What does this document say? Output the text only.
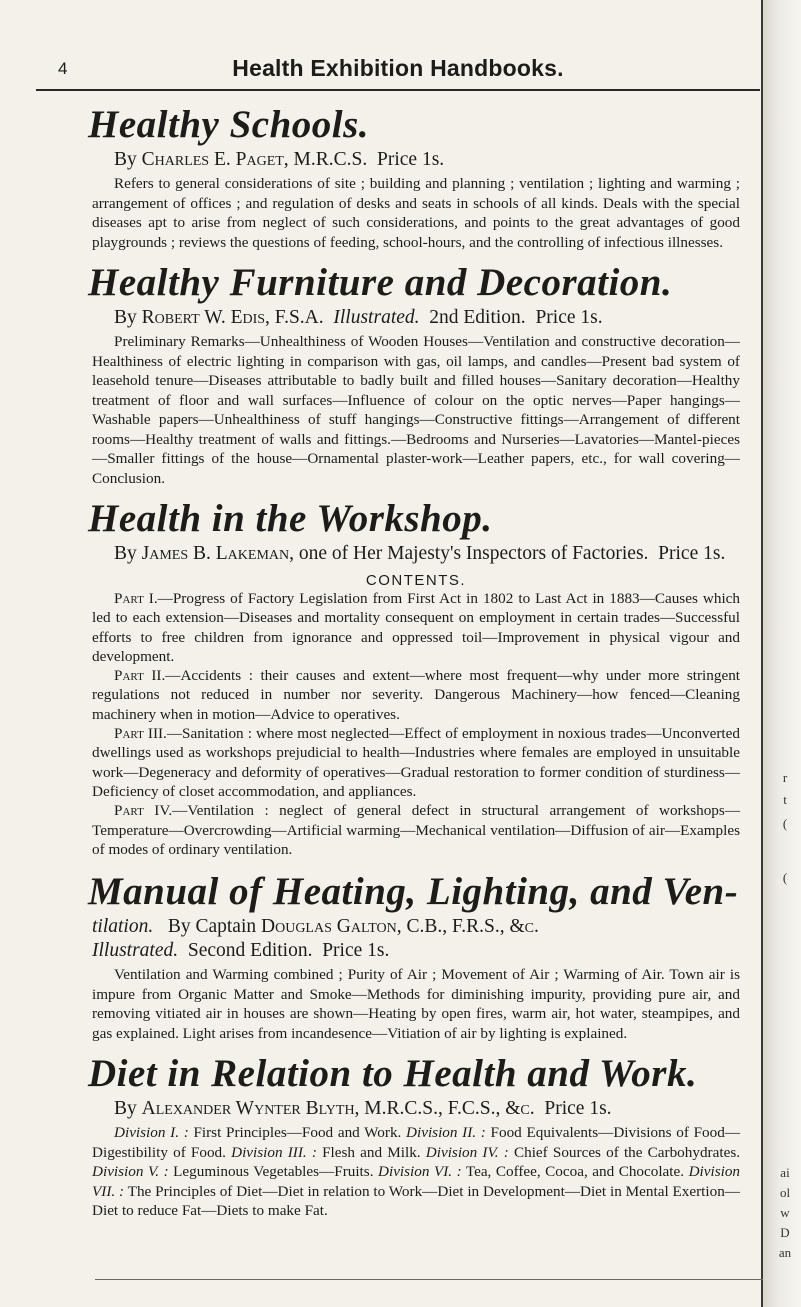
r
t
(
(
ai
ol
w
D
an
4	Health Exhibition Handbooks.
Healthy Schools.

By Charles E. Paget, M.R.C.S. Price 1s.

Refers to general considerations of site ; building and planning ; ventilation ; lighting and warming ; arrangement of offices ; and regulation of desks and seats in schools of all kinds. Deals with the special diseases apt to arise from neglect of such considerations, and points to the great advantages of good playgrounds ; reviews the questions of feeding, school-hours, and the controlling of infectious illnesses.

Healthy Furniture and Decoration.

By Robert W. Edis, F.S.A. Illustrated. 2nd Edition. Price 1s.

Preliminary Remarks—Unhealthiness of Wooden Houses—Ventilation and constructive decoration—Healthiness of electric lighting in comparison with gas, oil lamps, and candles—Present bad system of leasehold tenure—Diseases attributable to badly built and filled houses—Sanitary decoration—Healthy treatment of floor and wall surfaces—Influence of colour on the optic nerves—Paper hangings—Washable papers—Unhealthiness of stuff hangings—Constructive fittings—Arrangement of different rooms—Healthy treatment of walls and fittings.—Bedrooms and Nurseries—Lavatories—Mantel-pieces—Smaller fittings of the house—Ornamental plaster-work—Leather papers, etc., for wall covering—Conclusion.

Health in the Workshop.

By James B. Lakeman, one of Her Majesty's Inspectors of Factories. Price 1s.

CONTENTS.

Part I.—Progress of Factory Legislation from First Act in 1802 to Last Act in 1883—Causes which led to each extension—Diseases and mortality consequent on employment in certain trades—Successful efforts to free children from ignorance and oppressed toil—Improvement in physical vigour and development.

Part II.—Accidents : their causes and extent—where most frequent—why under more stringent regulations not reduced in number nor severity. Dangerous Machinery—how fenced—Cleaning machinery when in motion—Advice to operatives.

Part III.—Sanitation : where most neglected—Effect of employment in noxious trades—Unconverted dwellings used as workshops prejudicial to health—Industries where females are employed in unsuitable work—Degeneracy and deformity of operatives—Gradual restoration to former condition of sturdiness—Deficiency of closet accommodation, and appliances.

Part IV.—Ventilation : neglect of general defect in structural arrangement of workshops—Temperature—Overcrowding—Artificial warming—Mechanical ventilation—Diffusion of air—Examples of modes of ordinary ventilation.

Manual of Heating, Lighting, and Ven-

tilation. By Captain Douglas Galton, C.B., F.R.S., &c.
Illustrated. Second Edition. Price 1s.

Ventilation and Warming combined ; Purity of Air ; Movement of Air ; Warming of Air. Town air is impure from Organic Matter and Smoke—Methods for diminishing impurity, providing pure air, and removing vitiated air in houses are shown—Heating by open fires, warm air, hot water, steampipes, and gas explained. Light arises from incandesence—Vitiation of air by lighting is explained.

Diet in Relation to Health and Work.

By Alexander Wynter Blyth, M.R.C.S., F.C.S., &c. Price 1s.

Division I. : First Principles—Food and Work. Division II. : Food Equivalents—Divisions of Food—Digestibility of Food. Division III. : Flesh and Milk. Division IV. : Chief Sources of the Carbohydrates. Division V. : Leguminous Vegetables—Fruits. Division VI. : Tea, Coffee, Cocoa, and Chocolate. Division VII. : The Principles of Diet—Diet in relation to Work—Diet in Development—Diet in Mental Exertion—Diet to reduce Fat—Diets to make Fat.
